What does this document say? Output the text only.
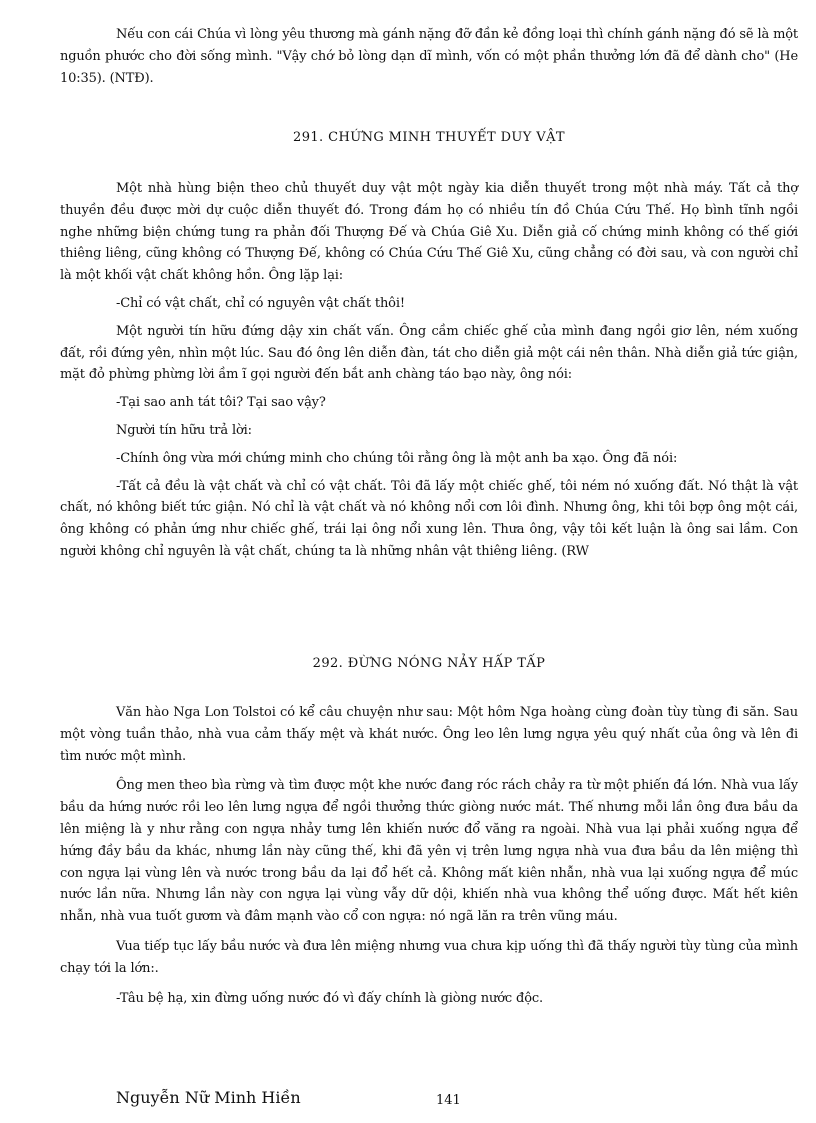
Nếu con cái Chúa vì lòng yêu thương mà gánh nặng đỡ đần kẻ đồng loại thì chính gánh nặng đó sẽ là một nguồn phước cho đời sống mình. "Vậy chớ bỏ lòng dạn dĩ mình, vốn có một phần thưởng lớn đã để dành cho" (He 10:35). (NTĐ).

291. CHỨNG MINH THUYẾT DUY VẬT

Một nhà hùng biện theo chủ thuyết duy vật một ngày kia diễn thuyết trong một nhà máy. Tất cả thợ thuyền đều được mời dự cuộc diễn thuyết đó. Trong đám họ có nhiều tín đồ Chúa Cứu Thế. Họ bình tĩnh ngồi nghe những biện chứng tung ra phản đối Thượng Đế và Chúa Giê Xu. Diễn giả cố chứng minh không có thế giới thiêng liêng, cũng không có Thượng Đế, không có Chúa Cứu Thế Giê Xu, cũng chẳng có đời sau, và con người chỉ là một khối vật chất không hồn. Ông lặp lại:

-Chỉ có vật chất, chỉ có nguyên vật chất thôi!

Một người tín hữu đứng dậy xin chất vấn. Ông cầm chiếc ghế của mình đang ngồi giơ lên, ném xuống đất, rồi đứng yên, nhìn một lúc. Sau đó ông lên diễn đàn, tát cho diễn giả một cái nên thân. Nhà diễn giả tức giận, mặt đỏ phừng phừng lời ầm ĩ gọi người đến bắt anh chàng táo bạo này, ông nói:

-Tại sao anh tát tôi? Tại sao vậy?

Người tín hữu trả lời:

-Chính ông vừa mới chứng minh cho chúng tôi rằng ông là một anh ba xạo. Ông đã nói:

-Tất cả đều là vật chất và chỉ có vật chất. Tôi đã lấy một chiếc ghế, tôi ném nó xuống đất. Nó thật là vật chất, nó không biết tức giận. Nó chỉ là vật chất và nó không nổi cơn lôi đình. Nhưng ông, khi tôi bợp ông một cái, ông không có phản ứng như chiếc ghế, trái lại ông nổi xung lên. Thưa ông, vậy tôi kết luận là ông sai lầm. Con người không chỉ nguyên là vật chất, chúng ta là những nhân vật thiêng liêng. (RW

292. ĐỪNG NÓNG NẢY HẤP TẤP

Văn hào Nga Lon Tolstoi có kể câu chuyện như sau: Một hôm Nga hoàng cùng đoàn tùy tùng đi săn. Sau một vòng tuần thảo, nhà vua cảm thấy mệt và khát nước. Ông leo lên lưng ngựa yêu quý nhất của ông và lên đi tìm nước một mình.

Ông men theo bìa rừng và tìm được một khe nước đang róc rách chảy ra từ một phiến đá lớn. Nhà vua lấy bầu da hứng nước rồi leo lên lưng ngựa để ngồi thưởng thức giòng nước mát. Thế nhưng mỗi lần ông đưa bầu da lên miệng là y như rằng con ngựa nhảy tưng lên khiến nước đổ văng ra ngoài. Nhà vua lại phải xuống ngựa để hứng đầy bầu da khác, nhưng lần này cũng thế, khi đã yên vị trên lưng ngựa nhà vua đưa bầu da lên miệng thì con ngựa lại vùng lên và nước trong bầu da lại đổ hết cả. Không mất kiên nhẫn, nhà vua lại xuống ngựa để múc nước lần nữa. Nhưng lần này con ngựa lại vùng vẫy dữ dội, khiến nhà vua không thể uống được. Mất hết kiên nhẫn, nhà vua tuốt gươm và đâm mạnh vào cổ con ngựa: nó ngã lăn ra trên vũng máu.

Vua tiếp tục lấy bầu nước và đưa lên miệng nhưng vua chưa kịp uống thì đã thấy người tùy tùng của mình chạy tới la lớn:.

-Tâu bệ hạ, xin đừng uống nước đó vì đấy chính là giòng nước độc.

Nguyễn Nữ Minh Hiền	141
